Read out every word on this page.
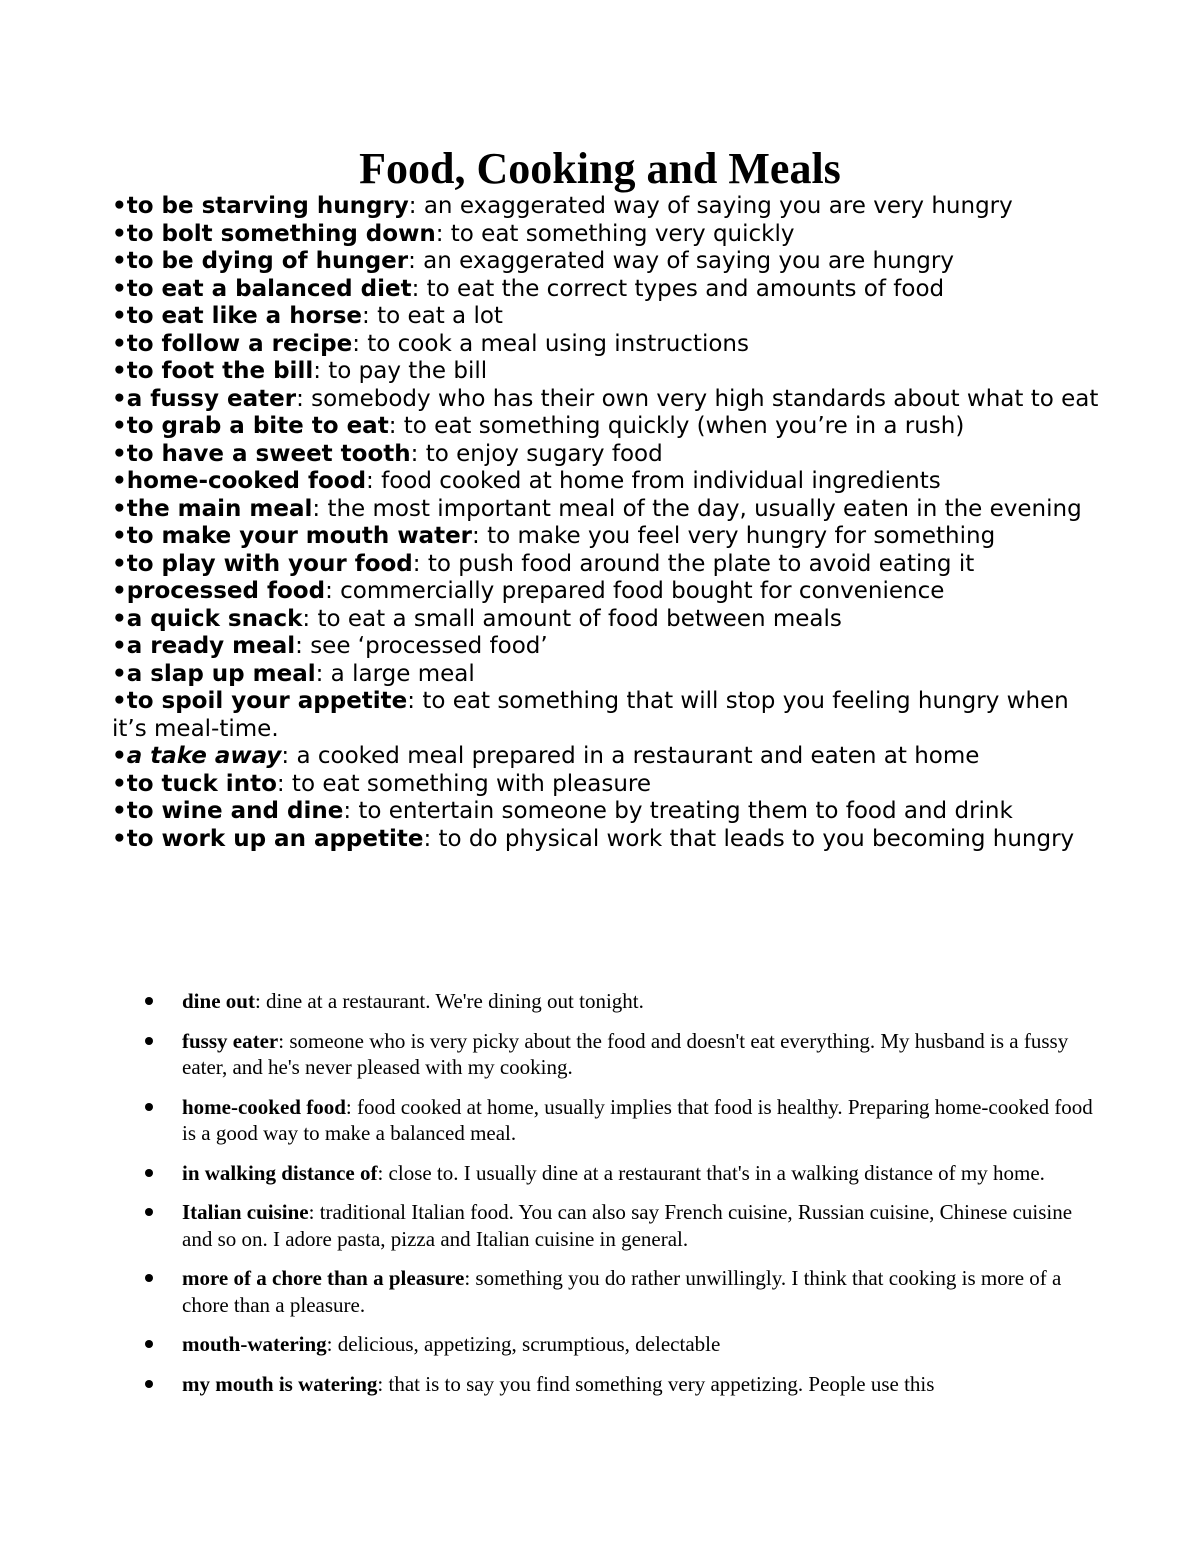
Food, Cooking and Meals

•to be starving hungry: an exaggerated way of saying you are very hungry

•to bolt something down: to eat something very quickly

•to be dying of hunger: an exaggerated way of saying you are hungry

•to eat a balanced diet: to eat the correct types and amounts of food

•to eat like a horse: to eat a lot

•to follow a recipe: to cook a meal using instructions

•to foot the bill: to pay the bill

•a fussy eater: somebody who has their own very high standards about what to eat

•to grab a bite to eat: to eat something quickly (when you’re in a rush)

•to have a sweet tooth: to enjoy sugary food

•home-cooked food: food cooked at home from individual ingredients

•the main meal: the most important meal of the day, usually eaten in the evening

•to make your mouth water: to make you feel very hungry for something

•to play with your food: to push food around the plate to avoid eating it

•processed food: commercially prepared food bought for convenience

•a quick snack: to eat a small amount of food between meals

•a ready meal: see ‘processed food’

•a slap up meal: a large meal

•to spoil your appetite: to eat something that will stop you feeling hungry when it’s meal-time.

•a take away: a cooked meal prepared in a restaurant and eaten at home

•to tuck into: to eat something with pleasure

•to wine and dine: to entertain someone by treating them to food and drink

•to work up an appetite: to do physical work that leads to you becoming hungry

dine out: dine at a restaurant. We're dining out tonight.
fussy eater: someone who is very picky about the food and doesn't eat everything. My husband is a fussy eater, and he's never pleased with my cooking.
home-cooked food: food cooked at home, usually implies that food is healthy. Preparing home-cooked food is a good way to make a balanced meal.
in walking distance of: close to. I usually dine at a restaurant that's in a walking distance of my home.
Italian cuisine: traditional Italian food. You can also say French cuisine, Russian cuisine, Chinese cuisine and so on. I adore pasta, pizza and Italian cuisine in general.
more of a chore than a pleasure: something you do rather unwillingly. I think that cooking is more of a chore than a pleasure.
mouth-watering: delicious, appetizing, scrumptious, delectable
my mouth is watering: that is to say you find something very appetizing. People use this
